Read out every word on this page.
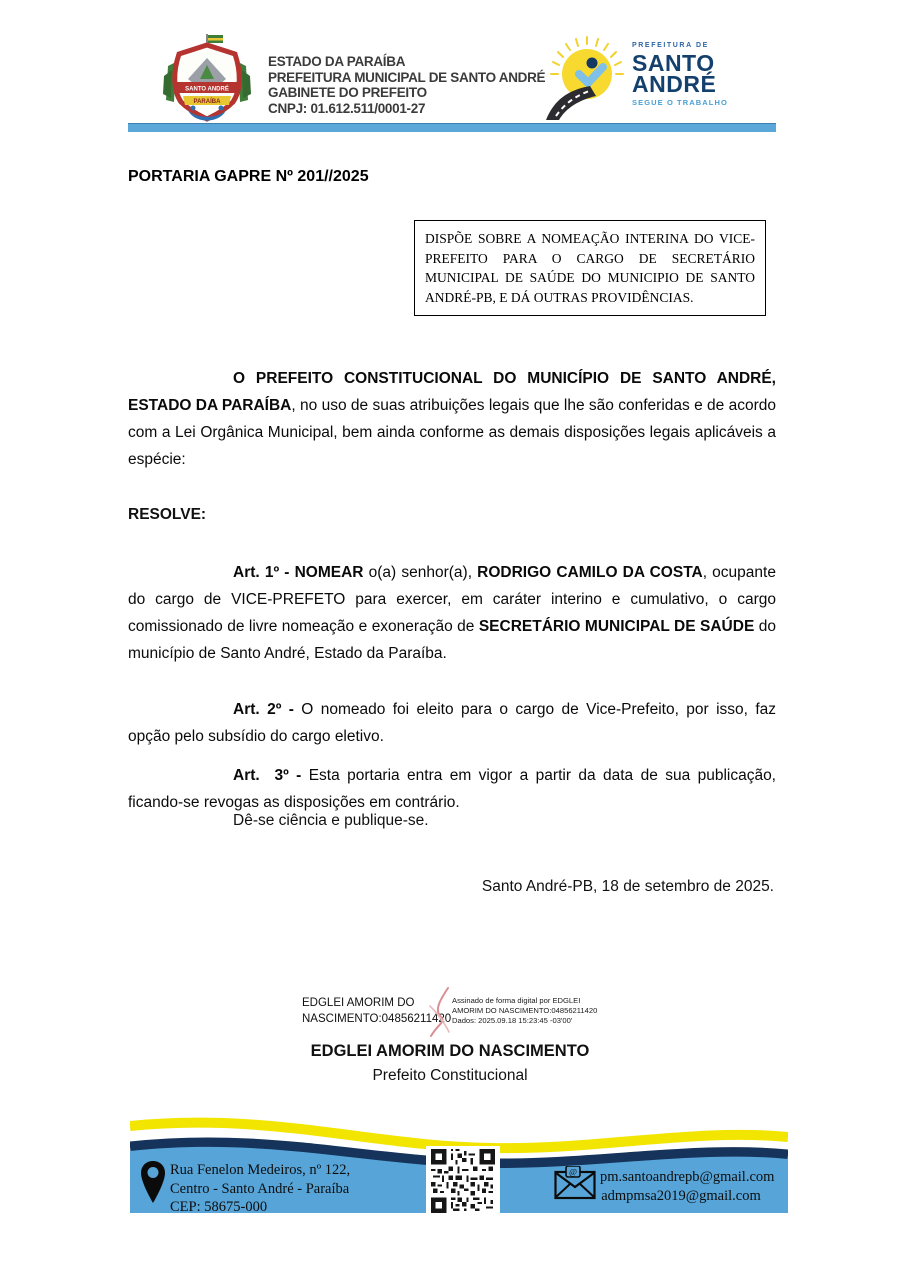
SANTO ANDRÉ
PARAÍBA
ESTADO DA PARAÍBA
PREFEITURA MUNICIPAL DE SANTO ANDRÉ
GABINETE DO PREFEITO
CNPJ: 01.612.511/0001-27
PREFEITURA DE
SANTO
ANDRÉ
SEGUE O TRABALHO
PORTARIA GAPRE Nº 201//2025
DISPÕE SOBRE A NOMEAÇÃO INTERINA DO VICE-PREFEITO PARA O CARGO DE SECRETÁRIO MUNICIPAL DE SAÚDE DO MUNICIPIO DE SANTO ANDRÉ-PB, E DÁ OUTRAS PROVIDÊNCIAS.

O PREFEITO CONSTITUCIONAL DO MUNICÍPIO DE SANTO ANDRÉ, ESTADO DA PARAÍBA, no uso de suas atribuições legais que lhe são conferidas e de acordo com a Lei Orgânica Municipal, bem ainda conforme as demais disposições legais aplicáveis a espécie:

RESOLVE:

Art. 1º - NOMEAR o(a) senhor(a), RODRIGO CAMILO DA COSTA, ocupante do cargo de VICE-PREFETO para exercer, em caráter interino e cumulativo, o cargo comissionado de livre nomeação e exoneração de SECRETÁRIO MUNICIPAL DE SAÚDE do município de Santo André, Estado da Paraíba.

Art. 2º - O nomeado foi eleito para o cargo de Vice-Prefeito, por isso, faz opção pelo subsídio do cargo eletivo.

Art.  3º - Esta portaria entra em vigor a partir da data de sua publicação, ficando-se revogas as disposições em contrário.

Dê-se ciência e publique-se.
Santo André-PB, 18 de setembro de 2025.
EDGLEI AMORIM DO NASCIMENTO:04856211420
Assinado de forma digital por EDGLEI
AMORIM DO NASCIMENTO:04856211420
Dados: 2025.09.18 15:23:45 -03'00'
EDGLEI AMORIM DO NASCIMENTO
Prefeito Constitucional
Rua Fenelon Medeiros, nº 122,
Centro - Santo André - Paraíba
CEP: 58675-000
@ pm.santoandrepb@gmail.com
admpmsa2019@gmail.com
